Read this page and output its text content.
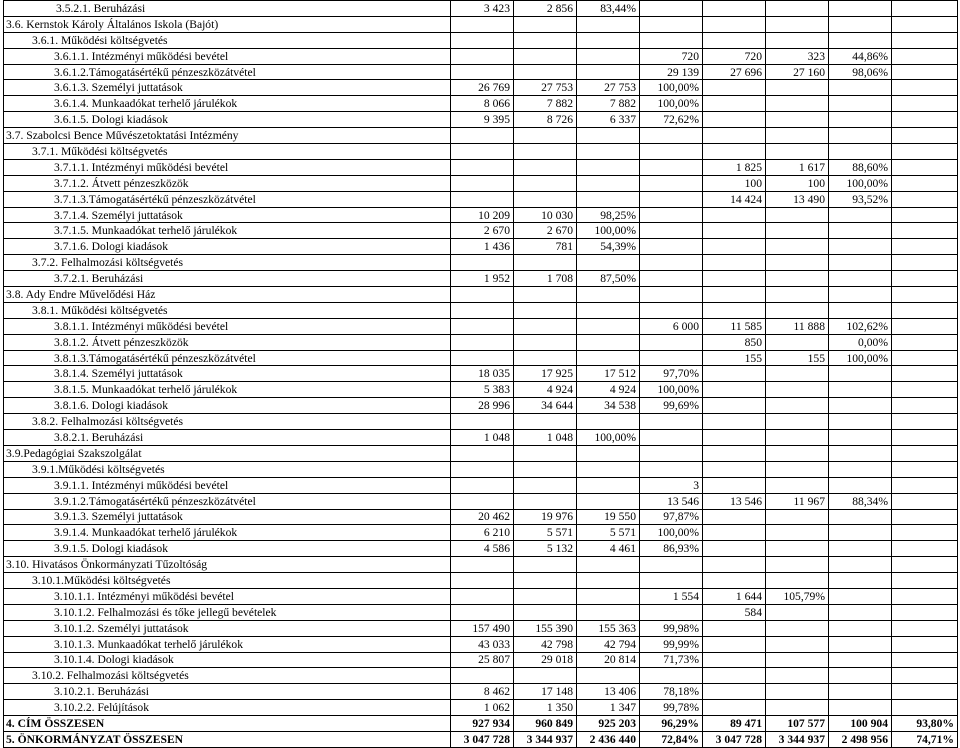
3.5.2.1. Beruházási	3 423	2 856	83,44%					
3.6. Kernstok Károly Általános Iskola (Bajót)								
3.6.1. Működési költségvetés								
3.6.1.1. Intézményi működési bevétel				720	720	323	44,86%	
3.6.1.2.Támogatásértékű pénzeszközátvétel				29 139	27 696	27 160	98,06%	
3.6.1.3. Személyi juttatások	26 769	27 753	27 753	100,00%				
3.6.1.4. Munkaadókat terhelő járulékok	8 066	7 882	7 882	100,00%				
3.6.1.5. Dologi kiadások	9 395	8 726	6 337	72,62%				
3.7. Szabolcsi Bence Művészetoktatási Intézmény								
3.7.1. Működési költségvetés								
3.7.1.1. Intézményi működési bevétel					1 825	1 617	88,60%	
3.7.1.2. Átvett pénzeszközök					100	100	100,00%	
3.7.1.3.Támogatásértékű pénzeszközátvétel					14 424	13 490	93,52%	
3.7.1.4. Személyi juttatások	10 209	10 030	98,25%					
3.7.1.5. Munkaadókat terhelő járulékok	2 670	2 670	100,00%					
3.7.1.6. Dologi kiadások	1 436	781	54,39%					
3.7.2. Felhalmozási költségvetés								
3.7.2.1. Beruházási	1 952	1 708	87,50%					
3.8. Ady Endre Művelődési Ház								
3.8.1. Működési költségvetés								
3.8.1.1. Intézményi működési bevétel				6 000	11 585	11 888	102,62%	
3.8.1.2. Átvett pénzeszközök					850		0,00%	
3.8.1.3.Támogatásértékű pénzeszközátvétel					155	155	100,00%	
3.8.1.4. Személyi juttatások	18 035	17 925	17 512	97,70%				
3.8.1.5. Munkaadókat terhelő járulékok	5 383	4 924	4 924	100,00%				
3.8.1.6. Dologi kiadások	28 996	34 644	34 538	99,69%				
3.8.2. Felhalmozási költségvetés								
3.8.2.1. Beruházási	1 048	1 048	100,00%					
3.9.Pedagógiai Szakszolgálat								
3.9.1.Működési költségvetés								
3.9.1.1. Intézményi működési bevétel				3				
3.9.1.2.Támogatásértékű pénzeszközátvétel				13 546	13 546	11 967	88,34%	
3.9.1.3. Személyi juttatások	20 462	19 976	19 550	97,87%				
3.9.1.4. Munkaadókat terhelő járulékok	6 210	5 571	5 571	100,00%				
3.9.1.5. Dologi kiadások	4 586	5 132	4 461	86,93%				
3.10. Hivatásos Önkormányzati Tűzoltóság								
3.10.1.Működési költségvetés								
3.10.1.1. Intézményi működési bevétel				1 554	1 644	105,79%		
3.10.1.2. Felhalmozási és tőke jellegű bevételek					584			
3.10.1.2. Személyi juttatások	157 490	155 390	155 363	99,98%				
3.10.1.3. Munkaadókat terhelő járulékok	43 033	42 798	42 794	99,99%				
3.10.1.4. Dologi kiadások	25 807	29 018	20 814	71,73%				
3.10.2. Felhalmozási költségvetés								
3.10.2.1. Beruházási	8 462	17 148	13 406	78,18%				
3.10.2.2. Felújítások	1 062	1 350	1 347	99,78%				
4. CÍM ÖSSZESEN	927 934	960 849	925 203	96,29%	89 471	107 577	100 904	93,80%
5. ÖNKORMÁNYZAT ÖSSZESEN	3 047 728	3 344 937	2 436 440	72,84%	3 047 728	3 344 937	2 498 956	74,71%
